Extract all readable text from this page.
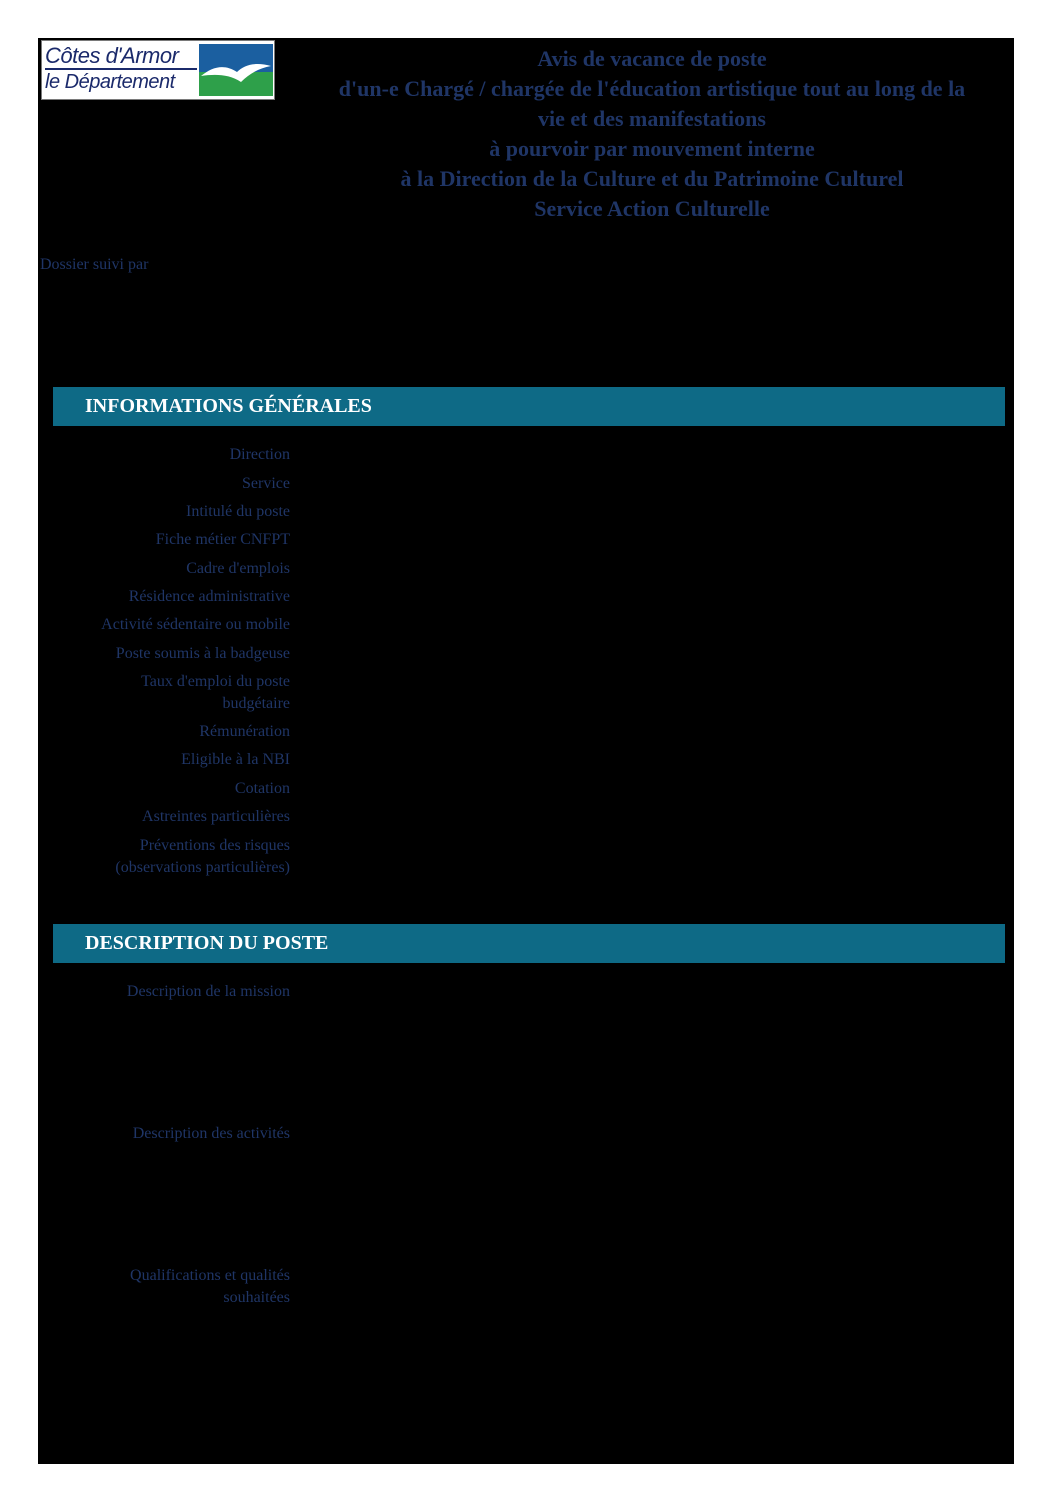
Côtes d'Armor
le Département
Avis de vacance de poste
d'un-e Chargé / chargée de l'éducation artistique tout au long de la
vie et des manifestations
à pourvoir par mouvement interne
à la Direction de la Culture et du Patrimoine Culturel
Service Action Culturelle
Dossier suivi par
INFORMATIONS GÉNÉRALES
Direction
Service
Intitulé du poste
Fiche métier CNFPT
Cadre d'emplois
Résidence administrative
Activité sédentaire ou mobile
Poste soumis à la badgeuse
Taux d'emploi du poste
budgétaire
Rémunération
Eligible à la NBI
Cotation
Astreintes particulières
Préventions des risques
(observations particulières)
DESCRIPTION DU POSTE
Description de la mission
Description des activités
Qualifications et qualités
souhaitées
